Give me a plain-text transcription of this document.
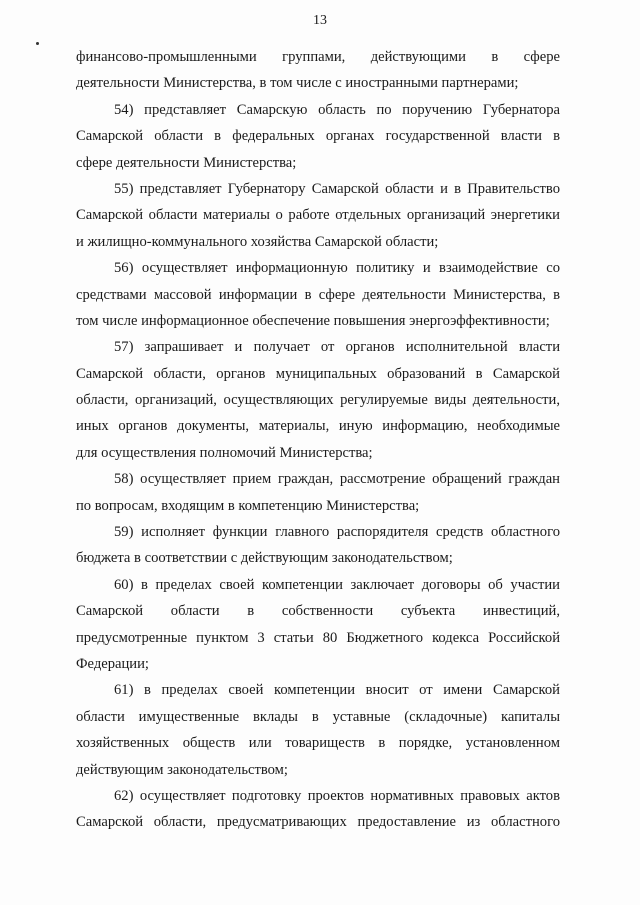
13
финансово-промышленными группами, действующими в сфере
деятельности Министерства, в том числе с иностранными партнерами;
54) представляет Самарскую область по поручению Губернатора
Самарской области в федеральных органах государственной власти в
сфере деятельности Министерства;
55) представляет Губернатору Самарской области и в Правительство
Самарской области материалы о работе отдельных организаций энергетики
и жилищно-коммунального хозяйства Самарской области;
56) осуществляет информационную политику и взаимодействие со
средствами массовой информации в сфере деятельности Министерства, в
том числе информационное обеспечение повышения энергоэффективности;
57) запрашивает и получает от органов исполнительной власти
Самарской области, органов муниципальных образований в Самарской
области, организаций, осуществляющих регулируемые виды деятельности,
иных органов документы, материалы, иную информацию, необходимые
для осуществления полномочий Министерства;
58) осуществляет прием граждан, рассмотрение обращений граждан
по вопросам, входящим в компетенцию Министерства;
59) исполняет функции главного распорядителя средств областного
бюджета в соответствии с действующим законодательством;
60) в пределах своей компетенции заключает договоры об участии
Самарской области в собственности субъекта инвестиций,
предусмотренные пунктом 3 статьи 80 Бюджетного кодекса Российской
Федерации;
61) в пределах своей компетенции вносит от имени Самарской
области имущественные вклады в уставные (складочные) капиталы
хозяйственных обществ или товариществ в порядке, установленном
действующим законодательством;
62) осуществляет подготовку проектов нормативных правовых актов
Самарской области, предусматривающих предоставление из областного
